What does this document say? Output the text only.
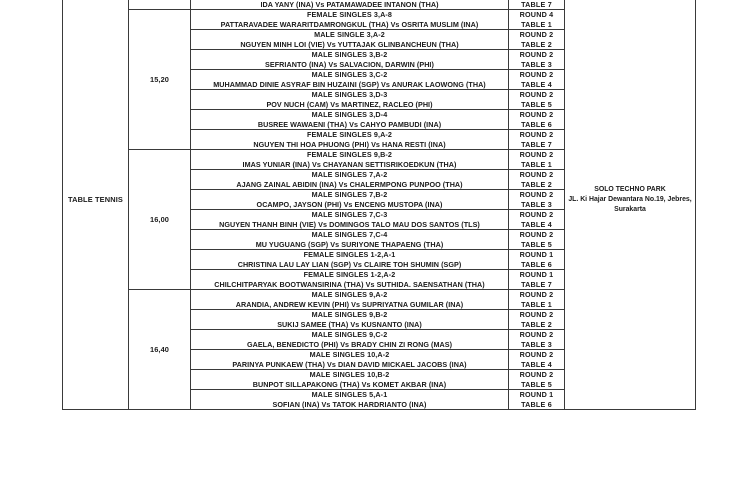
TABLE TENNIS		IDA YANY (INA) Vs PATAMAWADEE INTANON (THA)	TABLE 7	SOLO TECHNO PARK
JL. Ki Hajar Dewantara No.19, Jebres,
Surakarta

	15,20	FEMALE SINGLES 3,A-8
PATTARAVADEE WARARITDAMRONGKUL (THA) Vs OSRITA MUSLIM (INA)	ROUND 4
TABLE 1	

		MALE SINGLE 3,A-2
NGUYEN MINH LOI (VIE) Vs YUTTAJAK GLINBANCHEUN (THA)	ROUND 2
TABLE 2	

		MALE SINGLES 3,B-2
SEFRIANTO (INA) Vs SALVACION, DARWIN (PHI)	ROUND 2
TABLE 3	

		MALE SINGLES 3,C-2
MUHAMMAD DINIE ASYRAF BIN HUZAINI (SGP) Vs ANURAK LAOWONG (THA)	ROUND 2
TABLE 4	

		MALE SINGLES 3,D-3
POV NUCH (CAM) Vs MARTINEZ, RACLEO (PHI)	ROUND 2
TABLE 5	

		MALE SINGLES 3,D-4
BUSREE WAWAENI (THA) Vs CAHYO PAMBUDI (INA)	ROUND 2
TABLE 6	

		FEMALE SINGLES 9,A-2
NGUYEN THI HOA PHUONG (PHI) Vs HANA RESTI (INA)	ROUND 2
TABLE 7	

	16,00	FEMALE SINGLES 9,B-2
IMAS YUNIAR (INA) Vs CHAYANAN SETTISRIKOEDKUN (THA)	ROUND 2
TABLE 1	

		MALE SINGLES 7,A-2
AJANG ZAINAL ABIDIN (INA) Vs CHALERMPONG PUNPOO (THA)	ROUND 2
TABLE 2	

		MALE SINGLES 7,B-2
OCAMPO, JAYSON (PHI) Vs ENCENG MUSTOPA (INA)	ROUND 2
TABLE 3	

		MALE SINGLES 7,C-3
NGUYEN THANH BINH (VIE) Vs DOMINGOS TALO MAU DOS SANTOS (TLS)	ROUND 2
TABLE 4	

		MALE SINGLES 7,C-4
MU YUGUANG (SGP) Vs SURIYONE THAPAENG (THA)	ROUND 2
TABLE 5	

		FEMALE SINGLES 1-2,A-1
CHRISTINA LAU LAY LIAN (SGP) Vs CLAIRE TOH SHUMIN (SGP)	ROUND 1
TABLE 6	

		FEMALE SINGLES 1-2,A-2
CHILCHITPARYAK BOOTWANSIRINA (THA) Vs SUTHIDA. SAENSATHAN (THA)	ROUND 1
TABLE 7	

	16,40	MALE SINGLES 9,A-2
ARANDIA, ANDREW KEVIN (PHI) Vs SUPRIYATNA GUMILAR (INA)	ROUND 2
TABLE 1	

		MALE SINGLES 9,B-2
SUKIJ SAMEE (THA) Vs KUSNANTO (INA)	ROUND 2
TABLE 2	

		MALE SINGLES 9,C-2
GAELA, BENEDICTO (PHI) Vs BRADY CHIN ZI RONG (MAS)	ROUND 2
TABLE 3	

		MALE SINGLES 10,A-2
PARINYA PUNKAEW (THA) Vs DIAN DAVID MICKAEL JACOBS (INA)	ROUND 2
TABLE 4	

		MALE SINGLES 10,B-2
BUNPOT SILLAPAKONG (THA) Vs KOMET AKBAR (INA)	ROUND 2
TABLE 5	

		MALE SINGLES 5,A-1
SOFIAN (INA) Vs TATOK HARDRIANTO (INA)	ROUND 1
TABLE 6	
